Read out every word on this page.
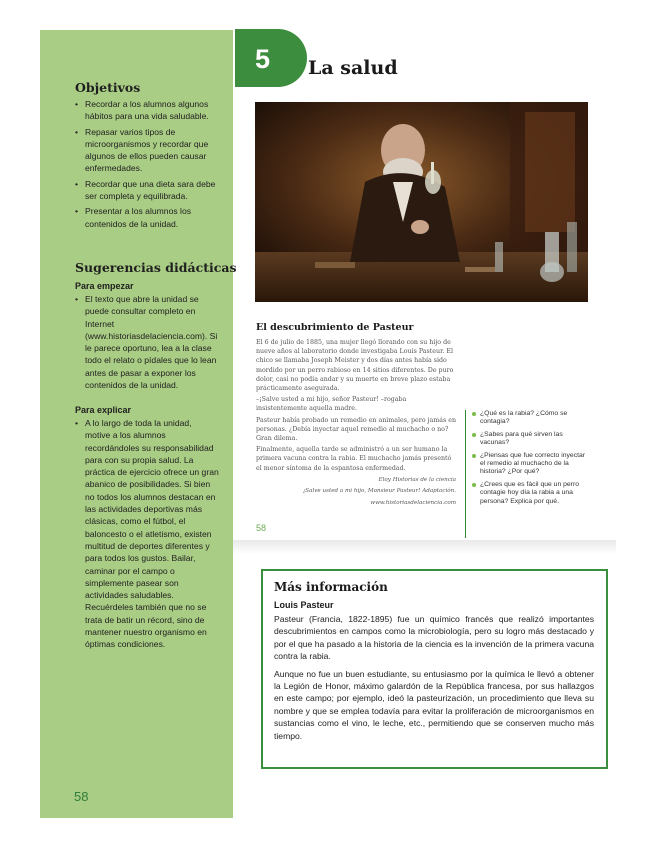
Objetivos
• Recordar a los alumnos algunos hábitos para una vida saludable.
• Repasar varios tipos de microorganismos y recordar que algunos de ellos pueden causar enfermedades.
• Recordar que una dieta sara debe ser completa y equilibrada.
• Presentar a los alumnos los contenidos de la unidad.
Sugerencias didácticas
Para empezar
• El texto que abre la unidad se puede consultar completo en Internet (www.historiasdelaciencia.com). Si le parece oportuno, lea a la clase todo el relato o pídales que lo lean antes de pasar a exponer los contenidos de la unidad.
Para explicar
• A lo largo de toda la unidad, motive a los alumnos recordándoles su responsabilidad para con su propia salud. La práctica de ejercicio ofrece un gran abanico de posibilidades. Si bien no todos los alumnos destacan en las actividades deportivas más clásicas, como el fútbol, el baloncesto o el atletismo, existen multitud de deportes diferentes y para todos los gustos. Bailar, caminar por el campo o simplemente pasear son actividades saludables. Recuérdeles también que no se trata de batir un récord, sino de mantener nuestro organismo en óptimas condiciones.
58
5 La salud
El descubrimiento de Pasteur

El 6 de julio de 1885, una mujer llegó llorando con su hijo de nueve años al laboratorio donde investigaba Louis Pasteur. El chico se llamaba Joseph Meister y dos días antes había sido mordido por un perro rabioso en 14 sitios diferentes. De puro dolor, casi no podía andar y su muerte en breve plazo estaba prácticamente asegurada.

–¡Salve usted a mi hijo, señor Pasteur! –rogaba insistentemente aquella madre.

Pasteur había probado un remedio en animales, pero jamás en personas. ¿Debía inyectar aquel remedio al muchacho o no? Gran dilema.

Finalmente, aquella tarde se administró a un ser humano la primera vacuna contra la rabia. El muchacho jamás presentó el menor síntoma de la espantosa enfermedad.

Eloy Historias de la ciencia
¡Salve usted a mi hijo, Monsieur Pasteur! Adaptación.
www.historiasdelaciencia.com
58
¿Qué es la rabia? ¿Cómo se contagia?
¿Sabes para qué sirven las vacunas?
¿Piensas que fue correcto inyectar el remedio al muchacho de la historia? ¿Por qué?
¿Crees que es fácil que un perro contagie hoy día la rabia a una persona? Explica por qué.
Más información
Louis Pasteur

Pasteur (Francia, 1822-1895) fue un químico francés que realizó importantes descubrimientos en campos como la microbiología, pero su logro más destacado y por el que ha pasado a la historia de la ciencia es la invención de la primera vacuna contra la rabia.

Aunque no fue un buen estudiante, su entusiasmo por la química le llevó a obtener la Legión de Honor, máximo galardón de la República francesa, por sus hallazgos en este campo; por ejemplo, ideó la pasteurización, un procedimiento que lleva su nombre y que se emplea todavía para evitar la proliferación de microorganismos en sustancias como el vino, le leche, etc., permitiendo que se conserven mucho más tiempo.
